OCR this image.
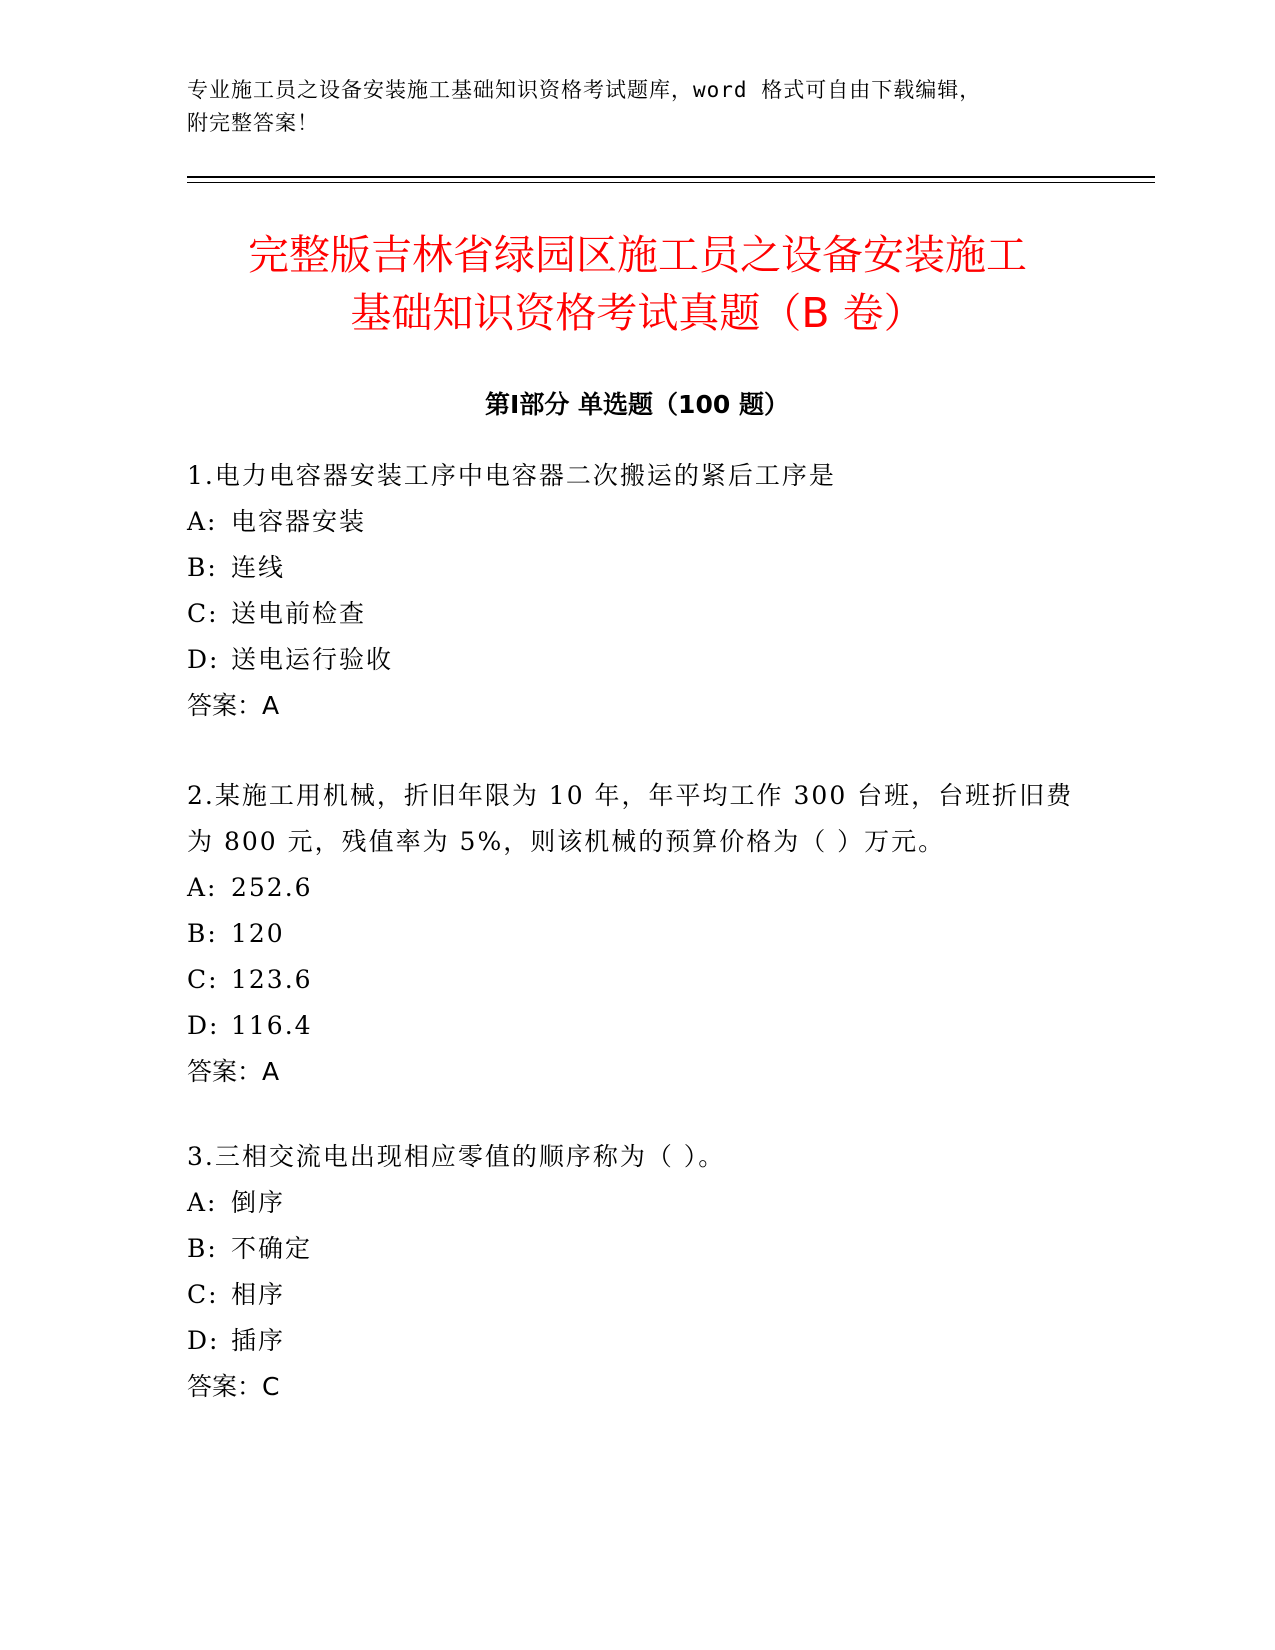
专业施工员之设备安装施工基础知识资格考试题库，word 格式可自由下载编辑，
附完整答案！
完整版吉林省绿园区施工员之设备安装施工
基础知识资格考试真题（B 卷）
第Ⅰ部分 单选题（100 题）

1.电力电容器安装工序中电容器二次搬运的紧后工序是

A: 电容器安装

B: 连线

C: 送电前检查

D: 送电运行验收

答案：A

2.某施工用机械，折旧年限为 10 年，年平均工作 300 台班，台班折旧费为 800 元，残值率为 5%，则该机械的预算价格为（ ）万元。

A: 252.6

B: 120

C: 123.6

D: 116.4

答案：A

3.三相交流电出现相应零值的顺序称为（ ）。

A: 倒序

B: 不确定

C: 相序

D: 插序

答案：C
